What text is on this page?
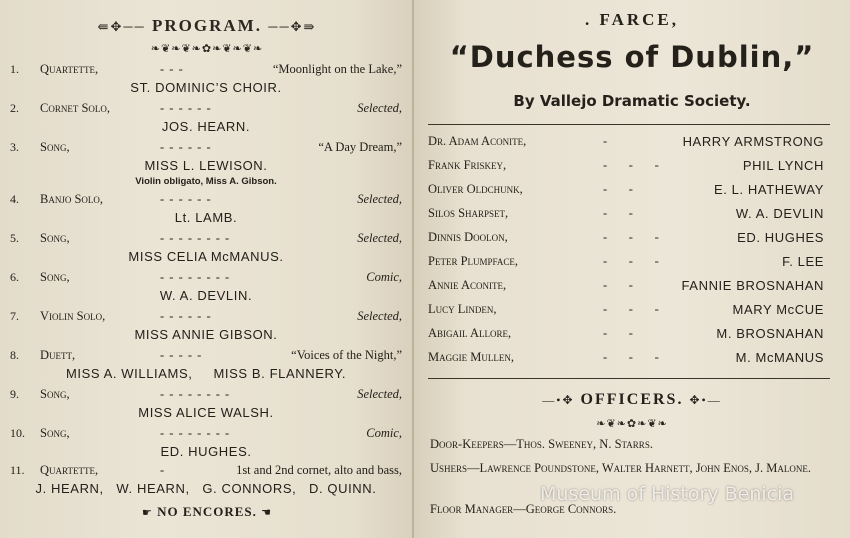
⇚✥── PROGRAM. ──✥⇛
❧❦❧❦❧✿❧❦❧❦❧
1. Quartette,	- - -	“Moonlight on the Lake,”
ST. DOMINIC’S CHOIR.
2. Cornet Solo,	- - - - - -	Selected,
JOS. HEARN.
3. Song,	- - - - - -	“A Day Dream,”
MISS L. LEWISON.
Violin obligato, Miss A. Gibson.
4. Banjo Solo,	- - - - - -	Selected,
Lt. LAMB.
5. Song,	- - - - - - - -	Selected,
MISS CELIA McMANUS.
6. Song,	- - - - - - - -	Comic,
W. A. DEVLIN.
7. Violin Solo,	- - - - - -	Selected,
MISS ANNIE GIBSON.
8. Duett,	- - - - -	“Voices of the Night,”
MISS A. WILLIAMS,     MISS B. FLANNERY.
9. Song,	- - - - - - - -	Selected,
MISS ALICE WALSH.
10. Song,	- - - - - - - -	Comic,
ED. HUGHES.
11. Quartette,	-	1st and 2nd cornet, alto and bass,
J. HEARN,   W. HEARN,   G. CONNORS,   D. QUINN.
☛ NO ENCORES. ☚
. FARCE,
“Duchess of Dublin,”
By Vallejo Dramatic Society.
Dr. Adam Aconite,	-	HARRY ARMSTRONG
Frank Friskey,	-     -     -	PHIL LYNCH
Oliver Oldchunk,	-     -	E. L. HATHEWAY
Silos Sharpset,	-     -	W. A. DEVLIN
Dinnis Doolon,	-     -     -	ED. HUGHES
Peter Plumpface,	-     -     -	F. LEE
Annie Aconite,	-     -	FANNIE BROSNAHAN
Lucy Linden,	-     -     -	MARY McCUE
Abigail Allore,	-     -	M. BROSNAHAN
Maggie Mullen,	-     -     -	M. McMANUS
—•✥ OFFICERS. ✥•—
❧❦❧✿❧❦❧
Door-Keepers—Thos. Sweeney, N. Starrs.
Ushers—Lawrence Poundstone, Walter Harnett, John Enos, J. Malone.
Floor Manager—George Connors.
Museum of History Benicia
